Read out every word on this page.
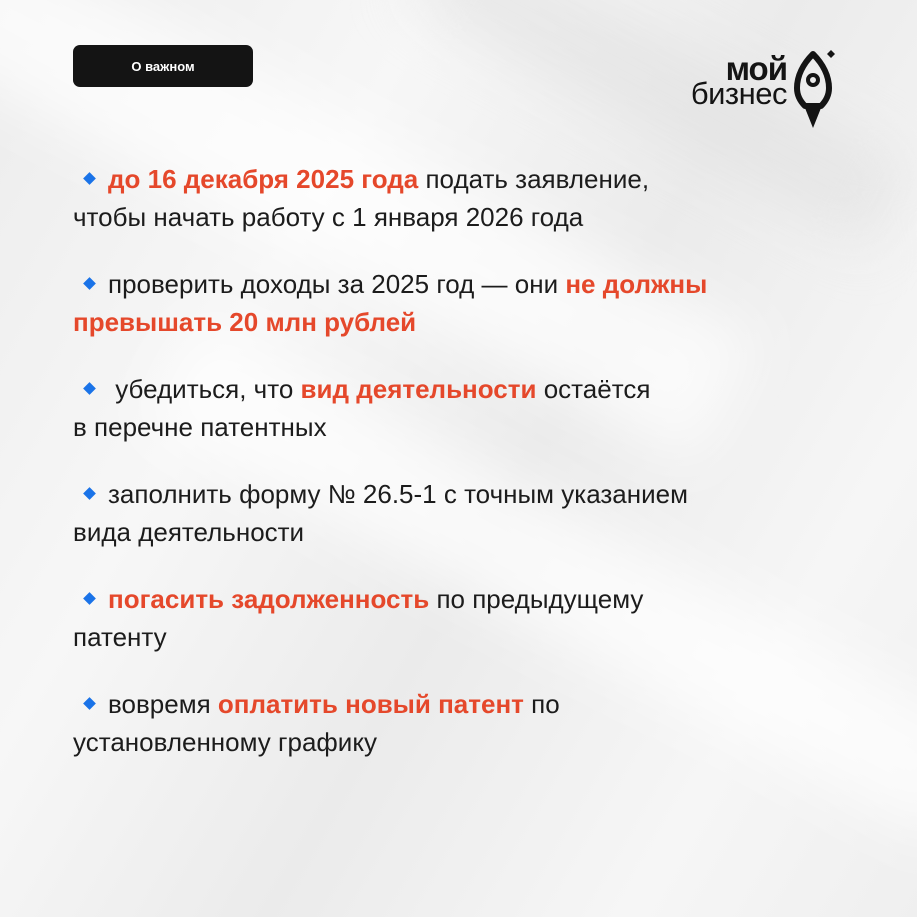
О важном	мой
бизнес
до 16 декабря 2025 года подать заявление,
чтобы начать работу с 1 января 2026 года
проверить доходы за 2025 год — они не должны
превышать 20 млн рублей
убедиться, что вид деятельности остаётся
в перечне патентных
заполнить форму № 26.5-1 с точным указанием
вида деятельности
погасить задолженность по предыдущему
патенту
вовремя оплатить новый патент по
установленному графику
